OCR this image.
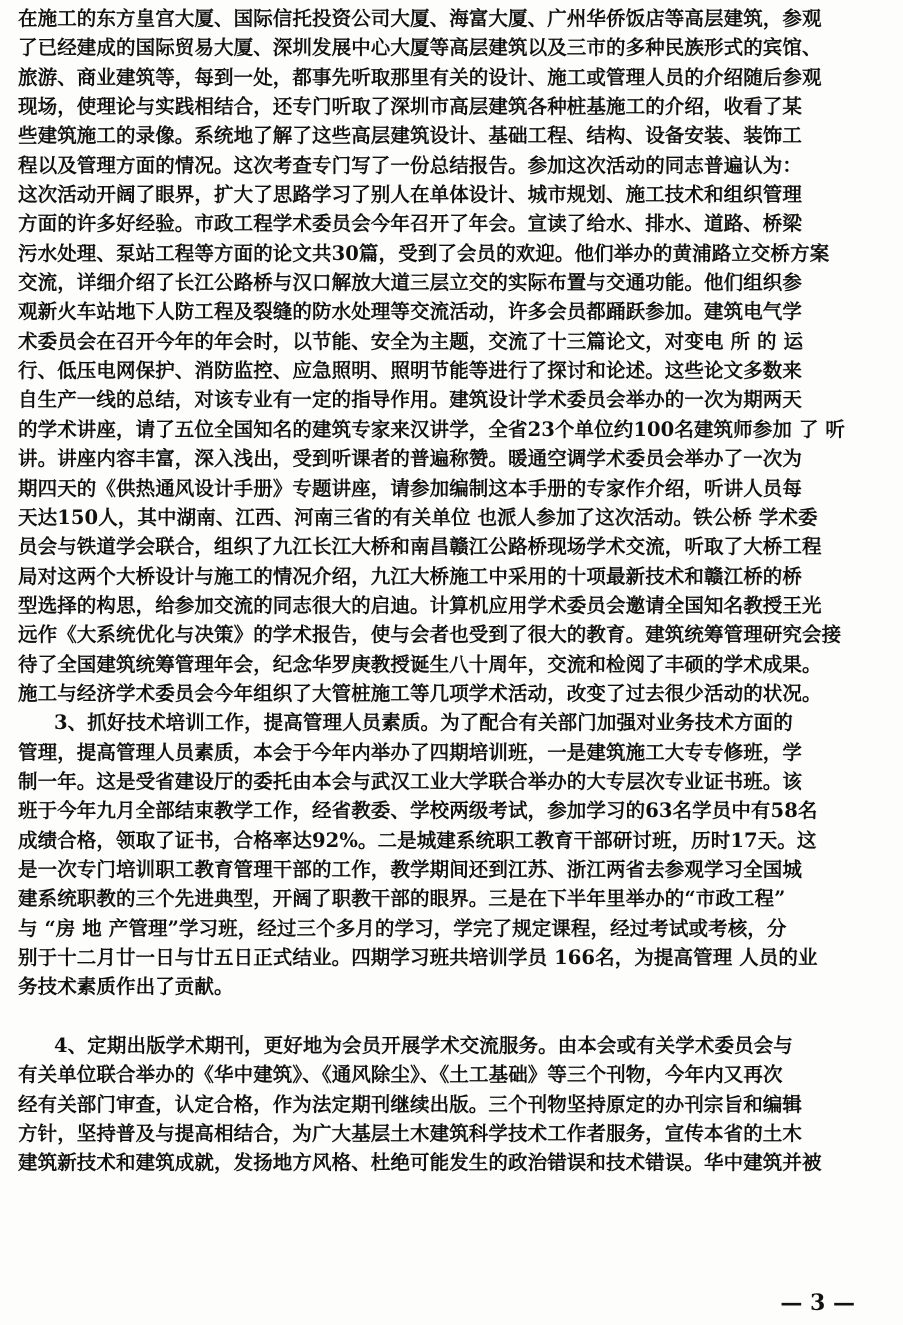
在施工的东方皇宫大厦、国际信托投资公司大厦、海富大厦、广州华侨饭店等高层建筑，参观
了已经建成的国际贸易大厦、深圳发展中心大厦等高层建筑以及三市的多种民族形式的宾馆、
旅游、商业建筑等，每到一处，都事先听取那里有关的设计、施工或管理人员的介绍随后参观
现场，使理论与实践相结合，还专门听取了深圳市高层建筑各种桩基施工的介绍，收看了某
些建筑施工的录像。系统地了解了这些高层建筑设计、基础工程、结构、设备安装、装饰工
程以及管理方面的情况。这次考查专门写了一份总结报告。参加这次活动的同志普遍认为：
这次活动开阔了眼界，扩大了思路学习了别人在单体设计、城市规划、施工技术和组织管理
方面的许多好经验。市政工程学术委员会今年召开了年会。宣读了给水、排水、道路、桥梁
污水处理、泵站工程等方面的论文共30篇，受到了会员的欢迎。他们举办的黄浦路立交桥方案
交流，详细介绍了长江公路桥与汉口解放大道三层立交的实际布置与交通功能。他们组织参
观新火车站地下人防工程及裂缝的防水处理等交流活动，许多会员都踊跃参加。建筑电气学
术委员会在召开今年的年会时，以节能、安全为主题，交流了十三篇论文，对变电 所 的 运
行、低压电网保护、消防监控、应急照明、照明节能等进行了探讨和论述。这些论文多数来
自生产一线的总结，对该专业有一定的指导作用。建筑设计学术委员会举办的一次为期两天
的学术讲座，请了五位全国知名的建筑专家来汉讲学，全省23个单位约100名建筑师参加 了 听
讲。讲座内容丰富，深入浅出，受到听课者的普遍称赞。暖通空调学术委员会举办了一次为
期四天的《供热通风设计手册》专题讲座，请参加编制这本手册的专家作介绍，听讲人员每
天达150人，其中湖南、江西、河南三省的有关单位 也派人参加了这次活动。铁公桥 学术委
员会与铁道学会联合，组织了九江长江大桥和南昌赣江公路桥现场学术交流，听取了大桥工程
局对这两个大桥设计与施工的情况介绍，九江大桥施工中采用的十项最新技术和赣江桥的桥
型选择的构思，给参加交流的同志很大的启迪。计算机应用学术委员会邀请全国知名教授王光
远作《大系统优化与决策》的学术报告，使与会者也受到了很大的教育。建筑统筹管理研究会接
待了全国建筑统筹管理年会，纪念华罗庚教授诞生八十周年，交流和检阅了丰硕的学术成果。
施工与经济学术委员会今年组织了大管桩施工等几项学术活动，改变了过去很少活动的状况。
3、抓好技术培训工作，提高管理人员素质。为了配合有关部门加强对业务技术方面的
管理，提高管理人员素质，本会于今年内举办了四期培训班，一是建筑施工大专专修班，学
制一年。这是受省建设厅的委托由本会与武汉工业大学联合举办的大专层次专业证书班。该
班于今年九月全部结束教学工作，经省教委、学校两级考试，参加学习的63名学员中有58名
成绩合格，领取了证书，合格率达92%。二是城建系统职工教育干部研讨班，历时17天。这
是一次专门培训职工教育管理干部的工作，教学期间还到江苏、浙江两省去参观学习全国城
建系统职教的三个先进典型，开阔了职教干部的眼界。三是在下半年里举办的“市政工程”
与 “房 地 产管理”学习班，经过三个多月的学习，学完了规定课程，经过考试或考核，分
别于十二月廿一日与廿五日正式结业。四期学习班共培训学员 166名，为提高管理 人员的业
务技术素质作出了贡献。
4、定期出版学术期刊，更好地为会员开展学术交流服务。由本会或有关学术委员会与
有关单位联合举办的《华中建筑》、《通风除尘》、《土工基础》等三个刊物，今年内又再次
经有关部门审查，认定合格，作为法定期刊继续出版。三个刊物坚持原定的办刊宗旨和编辑
方针，坚持普及与提高相结合，为广大基层土木建筑科学技术工作者服务，宣传本省的土木
建筑新技术和建筑成就，发扬地方风格、杜绝可能发生的政治错误和技术错误。华中建筑并被
— 3 —
